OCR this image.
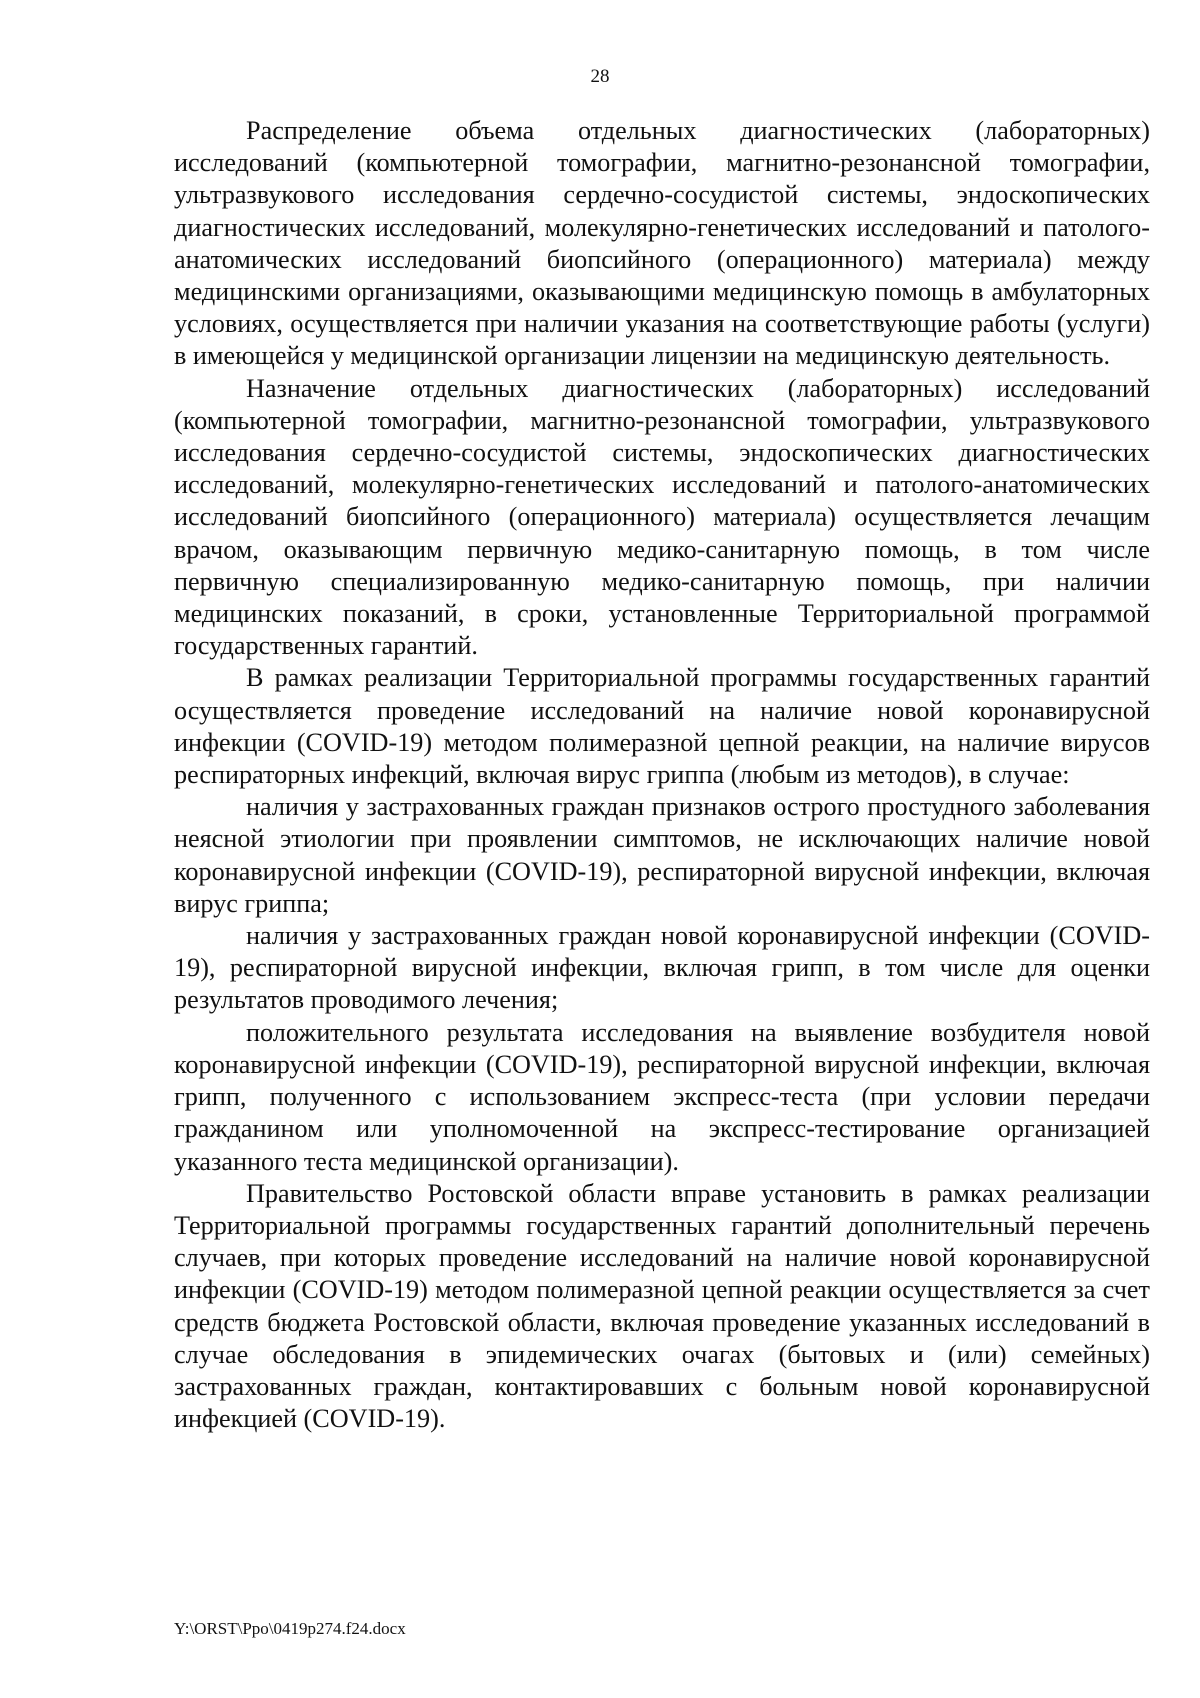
28

Распределение объема отдельных диагностических (лабораторных) исследований (компьютерной томографии, магнитно-резонансной томографии, ультразвукового исследования сердечно-сосудистой системы, эндоскопических диагностических исследований, молекулярно-генетических исследований и патолого-анатомических исследований биопсийного (операционного) материала) между медицинскими организациями, оказывающими медицинскую помощь в амбулаторных условиях, осуществляется при наличии указания на соответствующие работы (услуги) в имеющейся у медицинской организации лицензии на медицинскую деятельность.

Назначение отдельных диагностических (лабораторных) исследований (компьютерной томографии, магнитно-резонансной томографии, ультразвукового исследования сердечно-сосудистой системы, эндоскопических диагностических исследований, молекулярно-генетических исследований и патолого-анатомических исследований биопсийного (операционного) материала) осуществляется лечащим врачом, оказывающим первичную медико-санитарную помощь, в том числе первичную специализированную медико-санитарную помощь, при наличии медицинских показаний, в сроки, установленные Территориальной программой государственных гарантий.

В рамках реализации Территориальной программы государственных гарантий осуществляется проведение исследований на наличие новой коронавирусной инфекции (COVID-19) методом полимеразной цепной реакции, на наличие вирусов респираторных инфекций, включая вирус гриппа (любым из методов), в случае:

наличия у застрахованных граждан признаков острого простудного заболевания неясной этиологии при проявлении симптомов, не исключающих наличие новой коронавирусной инфекции (COVID-19), респираторной вирусной инфекции, включая вирус гриппа;

наличия у застрахованных граждан новой коронавирусной инфекции (COVID-19), респираторной вирусной инфекции, включая грипп, в том числе для оценки результатов проводимого лечения;

положительного результата исследования на выявление возбудителя новой коронавирусной инфекции (COVID-19), респираторной вирусной инфекции, включая грипп, полученного с использованием экспресс-теста (при условии передачи гражданином или уполномоченной на экспресс-тестирование организацией указанного теста медицинской организации).

Правительство Ростовской области вправе установить в рамках реализации Территориальной программы государственных гарантий дополнительный перечень случаев, при которых проведение исследований на наличие новой коронавирусной инфекции (COVID-19) методом полимеразной цепной реакции осуществляется за счет средств бюджета Ростовской области, включая проведение указанных исследований в случае обследования в эпидемических очагах (бытовых и (или) семейных) застрахованных граждан, контактировавших с больным новой коронавирусной инфекцией (COVID-19).

Y:\ORST\Ppo\0419p274.f24.docx
